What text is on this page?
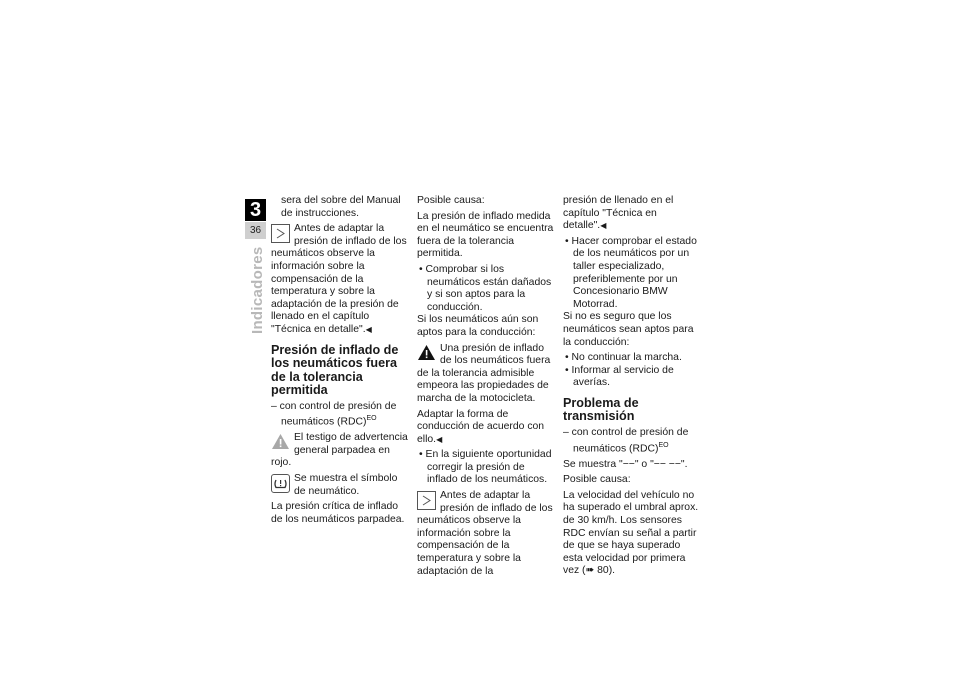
3
36
Indicadores

sera del sobre del Manual de instrucciones.

Antes de adaptar la presión de inflado de los neumáticos observe la información sobre la compensación de la temperatura y sobre la adaptación de la presión de llenado en el capítulo "Técnica en detalle".◀
Presión de inflado de los neumáticos fuera de la tolerancia permitida

– con control de presión de neumáticos (RDC)$^{EO}$

El testigo de advertencia general parpadea en rojo.
Se muestra el símbolo de neumático.

La presión crítica de inflado de los neumáticos parpadea.

Posible causa:

La presión de inflado medida en el neumático se encuentra fuera de la tolerancia permitida.

• Comprobar si los neumáticos están dañados y si son aptos para la conducción.

Si los neumáticos aún son aptos para la conducción:

Una presión de inflado de los neumáticos fuera de la tolerancia admisible empeora las propiedades de marcha de la motocicleta.

Adaptar la forma de conducción de acuerdo con ello.◀

• En la siguiente oportunidad corregir la presión de inflado de los neumáticos.

Antes de adaptar la presión de inflado de los neumáticos observe la información sobre la compensación de la temperatura y sobre la adaptación de la

presión de llenado en el capítulo "Técnica en detalle".◀

• Hacer comprobar el estado de los neumáticos por un taller especializado, preferiblemente por un Concesionario BMW Motorrad.

Si no es seguro que los neumáticos sean aptos para la conducción:

• No continuar la marcha.

• Informar al servicio de averías.

Problema de transmisión

– con control de presión de neumáticos (RDC)$^{EO}$

Se muestra "−−" o "−− −−".

Posible causa:

La velocidad del vehículo no ha superado el umbral aprox. de 30 km/h. Los sensores RDC envían su señal a partir de que se haya superado esta velocidad por primera vez (➠ 80).
